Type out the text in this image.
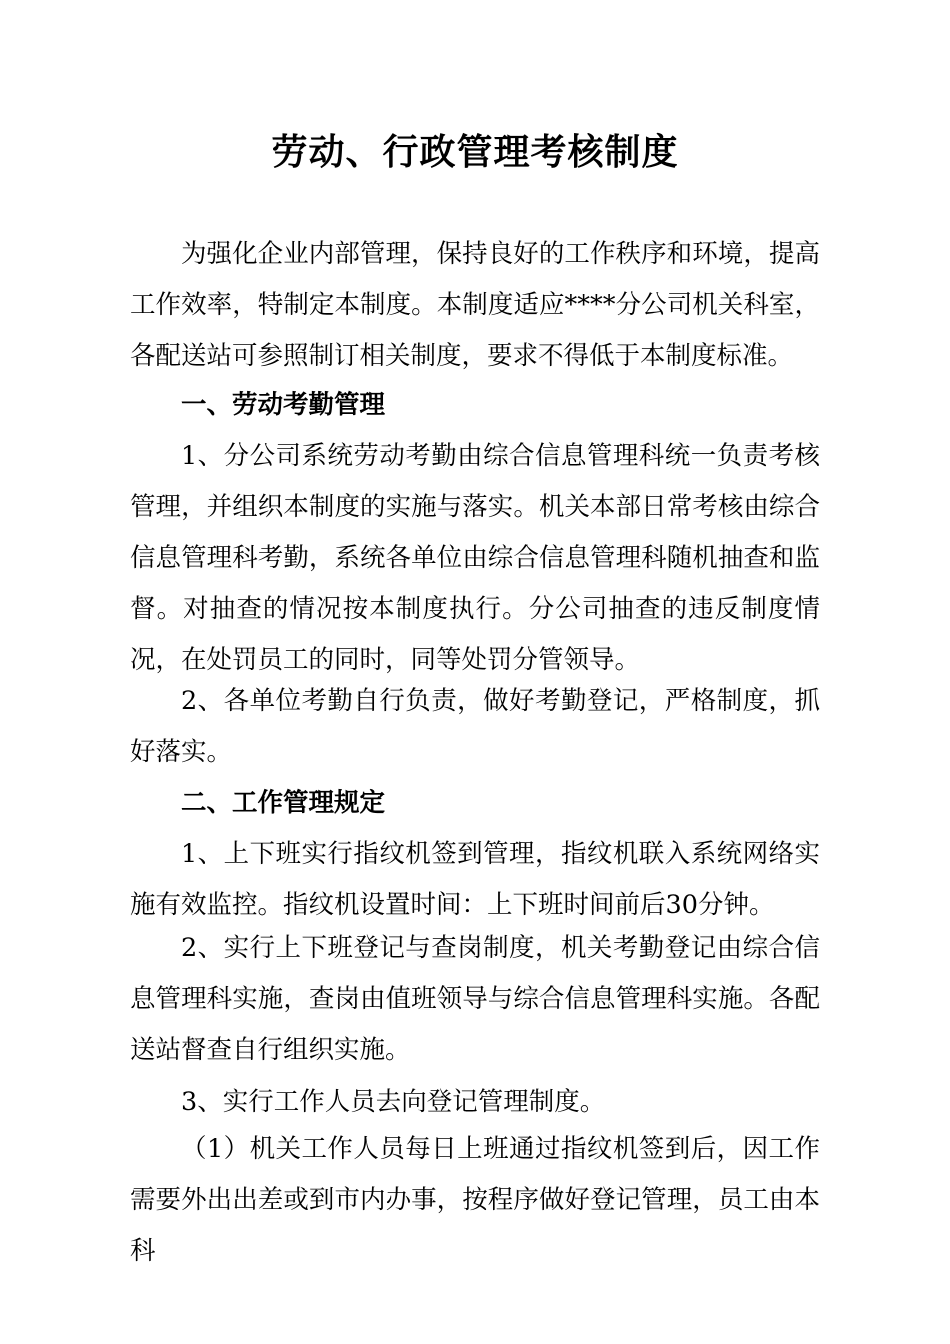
劳动、行政管理考核制度

为强化企业内部管理，保持良好的工作秩序和环境，提高工作效率，特制定本制度。本制度适应****分公司机关科室，各配送站可参照制订相关制度，要求不得低于本制度标准。

一、劳动考勤管理

1、分公司系统劳动考勤由综合信息管理科统一负责考核管理，并组织本制度的实施与落实。机关本部日常考核由综合信息管理科考勤，系统各单位由综合信息管理科随机抽查和监督。对抽查的情况按本制度执行。分公司抽查的违反制度情况，在处罚员工的同时，同等处罚分管领导。

2、各单位考勤自行负责，做好考勤登记，严格制度，抓好落实。

二、工作管理规定

1、上下班实行指纹机签到管理，指纹机联入系统网络实施有效监控。指纹机设置时间：上下班时间前后30分钟。

2、实行上下班登记与查岗制度，机关考勤登记由综合信息管理科实施，查岗由值班领导与综合信息管理科实施。各配送站督查自行组织实施。

3、实行工作人员去向登记管理制度。

（1）机关工作人员每日上班通过指纹机签到后，因工作需要外出出差或到市内办事，按程序做好登记管理，员工由本科
